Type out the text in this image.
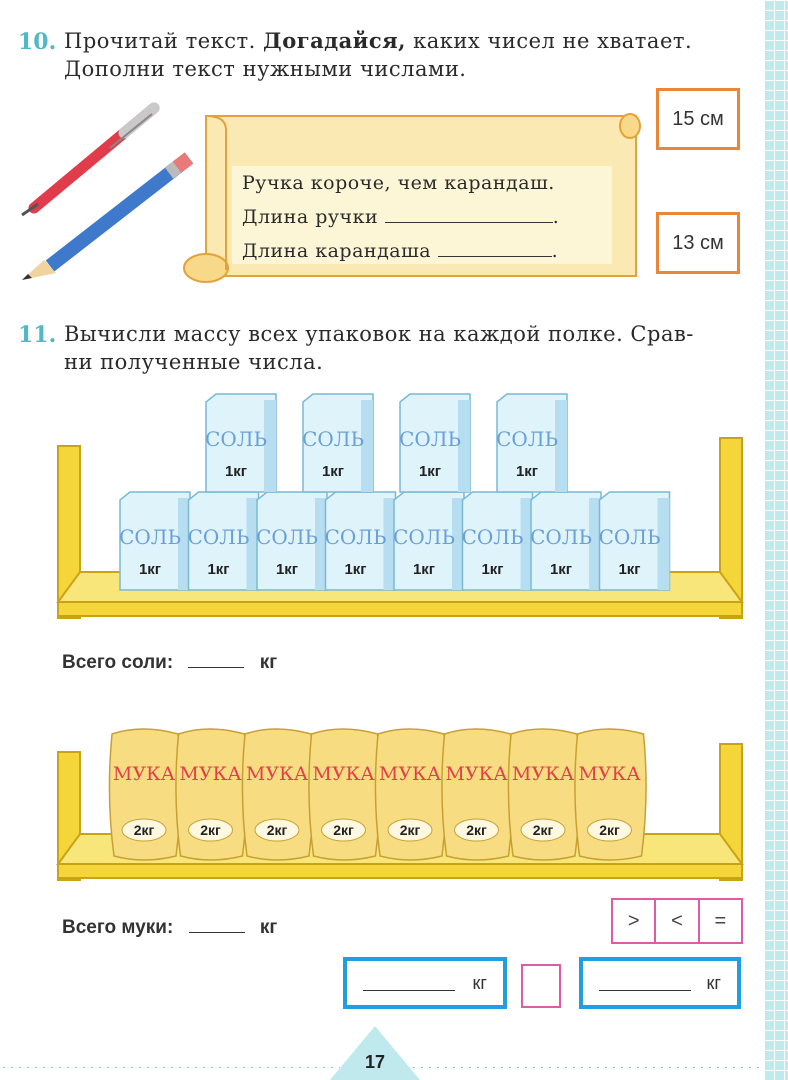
10. Прочитай текст. Догадайся, каких чисел не хватает.
Дополни текст нужными числами.
Ручка короче, чем карандаш.
Длина ручки	.
Длина карандаша	.
15 см
13 см
11. Вычисли массу всех упаковок на каждой полке. Срав-
ни полученные числа.
СОЛЬ
1кг
СОЛЬ
1кг
СОЛЬ
1кг
СОЛЬ
1кг
СОЛЬ
1кг
СОЛЬ
1кг
СОЛЬ
1кг
СОЛЬ
1кг
СОЛЬ
1кг
СОЛЬ
1кг
СОЛЬ
1кг
СОЛЬ
1кг
Всего соли:	кг
МУКА
2кг
МУКА
2кг
МУКА
2кг
МУКА
2кг
МУКА
2кг
МУКА
2кг
МУКА
2кг
МУКА
2кг
Всего муки:	кг	>	<	=
кг	кг
17
